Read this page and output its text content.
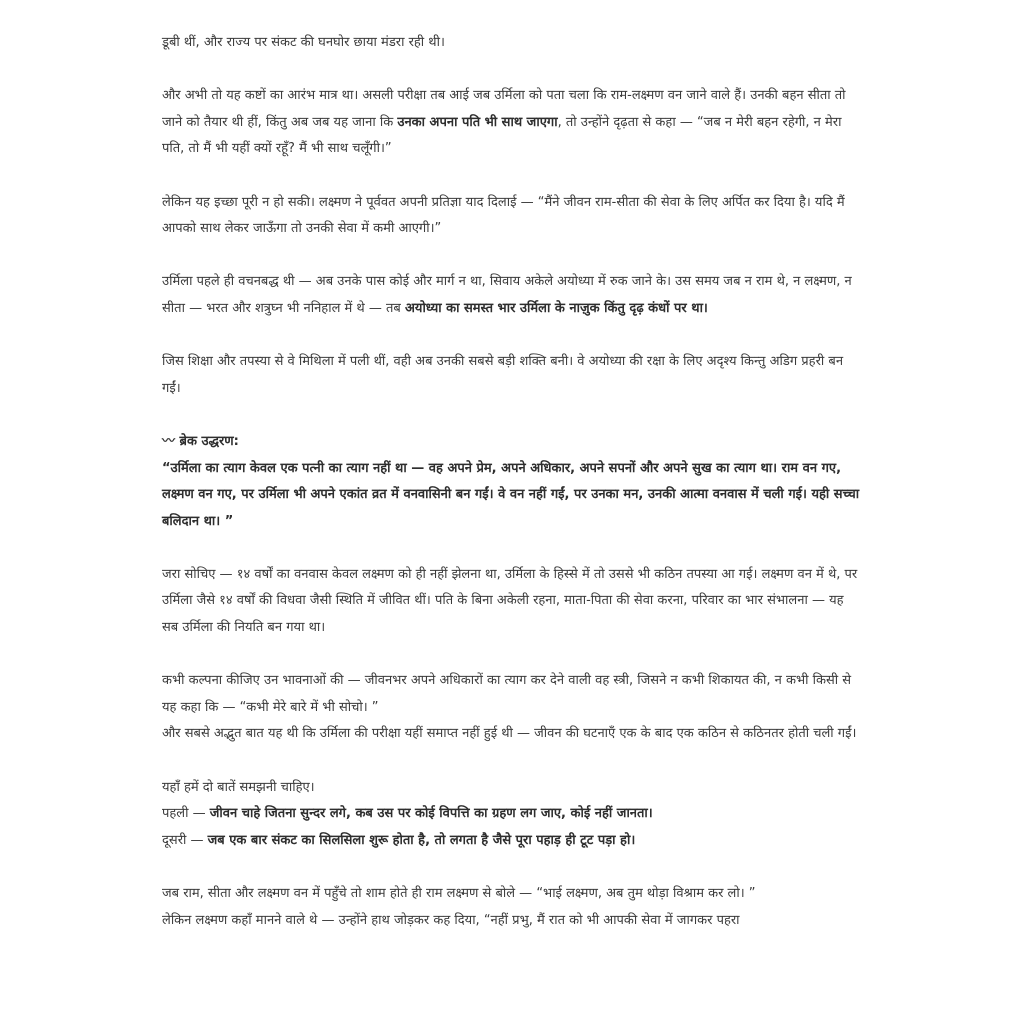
डूबी थीं, और राज्य पर संकट की घनघोर छाया मंडरा रही थी।

और अभी तो यह कष्टों का आरंभ मात्र था। असली परीक्षा तब आई जब उर्मिला को पता चला कि राम-लक्ष्मण वन जाने वाले हैं। उनकी बहन सीता तो जाने को तैयार थी हीं, किंतु अब जब यह जाना कि उनका अपना पति भी साथ जाएगा, तो उन्होंने दृढ़ता से कहा — “जब न मेरी बहन रहेगी, न मेरा पति, तो मैं भी यहीं क्यों रहूँ? मैं भी साथ चलूँगी।”

लेकिन यह इच्छा पूरी न हो सकी। लक्ष्मण ने पूर्ववत अपनी प्रतिज्ञा याद दिलाई — “मैंने जीवन राम-सीता की सेवा के लिए अर्पित कर दिया है। यदि मैं आपको साथ लेकर जाऊँगा तो उनकी सेवा में कमी आएगी।”

उर्मिला पहले ही वचनबद्ध थी — अब उनके पास कोई और मार्ग न था, सिवाय अकेले अयोध्या में रुक जाने के। उस समय जब न राम थे, न लक्ष्मण, न सीता — भरत और शत्रुघ्न भी ननिहाल में थे — तब अयोध्या का समस्त भार उर्मिला के नाज़ुक किंतु दृढ़ कंधों पर था।

जिस शिक्षा और तपस्या से वे मिथिला में पली थीं, वही अब उनकी सबसे बड़ी शक्ति बनी। वे अयोध्या की रक्षा के लिए अदृश्य किन्तु अडिग प्रहरी बन गईं।

〰 ब्रेक उद्धरण:
“उर्मिला का त्याग केवल एक पत्नी का त्याग नहीं था — वह अपने प्रेम, अपने अधिकार, अपने सपनों और अपने सुख का त्याग था। राम वन गए, लक्ष्मण वन गए, पर उर्मिला भी अपने एकांत व्रत में वनवासिनी बन गईं। वे वन नहीं गईं, पर उनका मन, उनकी आत्मा वनवास में चली गई। यही सच्चा बलिदान था। ”

जरा सोचिए — १४ वर्षों का वनवास केवल लक्ष्मण को ही नहीं झेलना था, उर्मिला के हिस्से में तो उससे भी कठिन तपस्या आ गई। लक्ष्मण वन में थे, पर उर्मिला जैसे १४ वर्षों की विधवा जैसी स्थिति में जीवित थीं। पति के बिना अकेली रहना, माता-पिता की सेवा करना, परिवार का भार संभालना — यह सब उर्मिला की नियति बन गया था।

कभी कल्पना कीजिए उन भावनाओं की — जीवनभर अपने अधिकारों का त्याग कर देने वाली वह स्त्री, जिसने न कभी शिकायत की, न कभी किसी से यह कहा कि — “कभी मेरे बारे में भी सोचो। ”

और सबसे अद्भुत बात यह थी कि उर्मिला की परीक्षा यहीं समाप्त नहीं हुई थी — जीवन की घटनाएँ एक के बाद एक कठिन से कठिनतर होती चली गईं।

यहाँ हमें दो बातें समझनी चाहिए।
पहली — जीवन चाहे जितना सुन्दर लगे, कब उस पर कोई विपत्ति का ग्रहण लग जाए, कोई नहीं जानता।
दूसरी — जब एक बार संकट का सिलसिला शुरू होता है, तो लगता है जैसे पूरा पहाड़ ही टूट पड़ा हो।

जब राम, सीता और लक्ष्मण वन में पहुँचे तो शाम होते ही राम लक्ष्मण से बोले — “भाई लक्ष्मण, अब तुम थोड़ा विश्राम कर लो। ”

लेकिन लक्ष्मण कहाँ मानने वाले थे — उन्होंने हाथ जोड़कर कह दिया, “नहीं प्रभु, मैं रात को भी आपकी सेवा में जागकर पहरा
